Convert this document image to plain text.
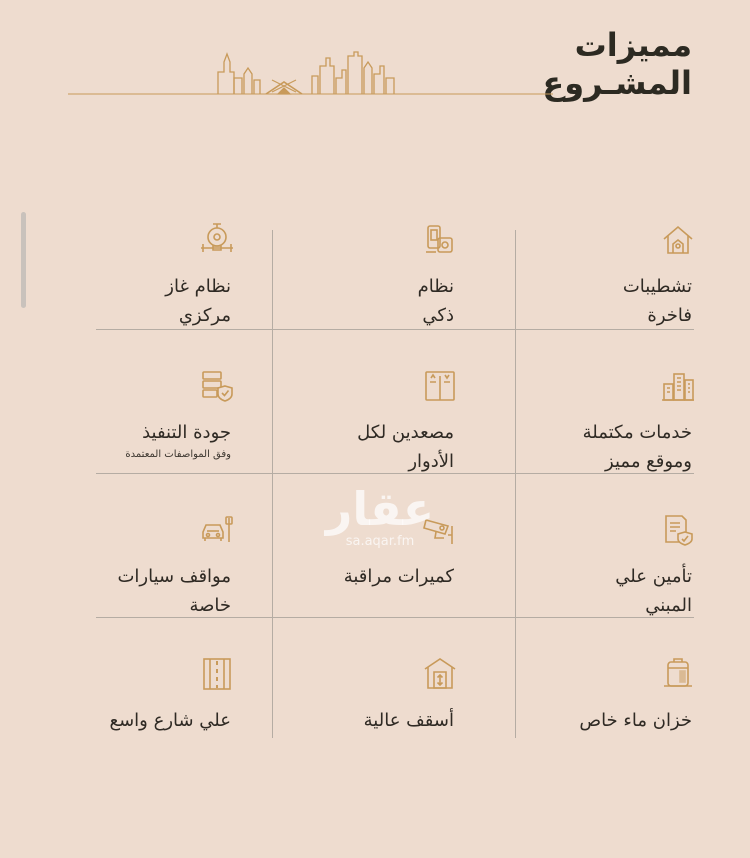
مميزات
المشـروع
تشطيبات
فاخرة
نظام
ذكي
نظام غاز
مركزي
خدمات مكتملة
وموقع مميز
مصعدين لكل
الأدوار
جودة التنفيذ
وفق المواصفات المعتمدة
تأمين علي
المبني
كميرات مراقبة
مواقف سيارات
خاصة
خزان ماء خاص
أسقف عالية
علي شارع واسع
عقار
sa.aqar.fm
